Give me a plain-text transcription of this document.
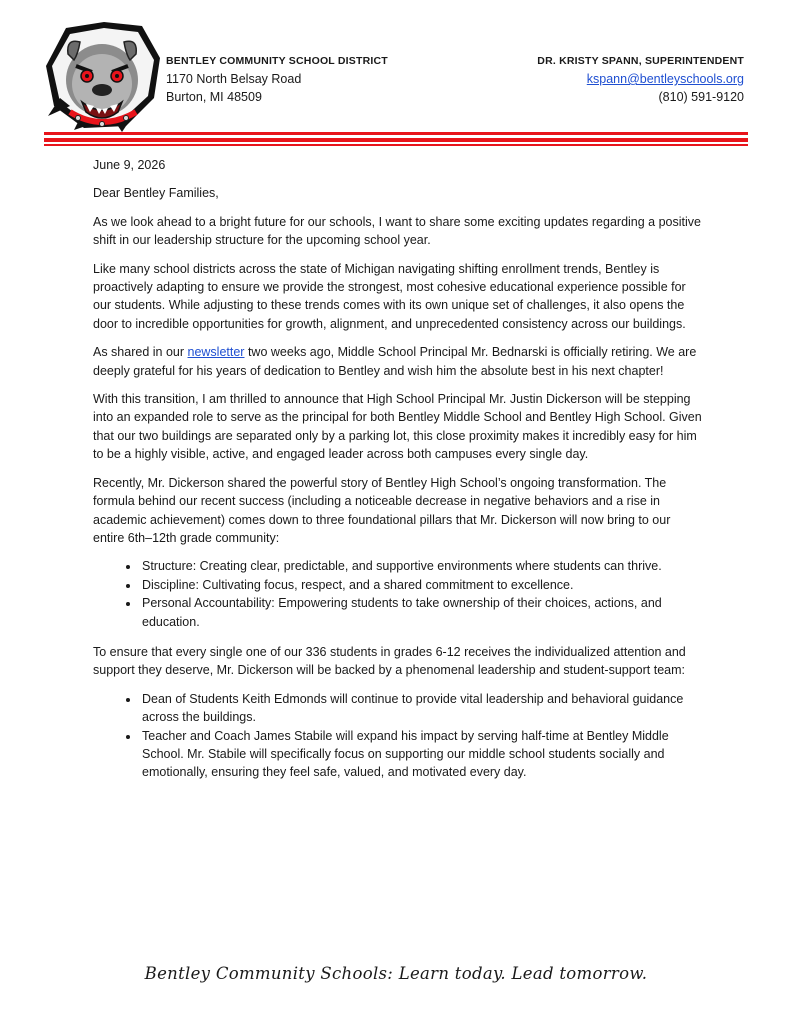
BENTLEY COMMUNITY SCHOOL DISTRICT
1170 North Belsay Road
Burton, MI 48509
DR. KRISTY SPANN, SUPERINTENDENT
kspann@bentleyschools.org
(810) 591-9120

June 9, 2026

Dear Bentley Families,

As we look ahead to a bright future for our schools, I want to share some exciting updates regarding a positive shift in our leadership structure for the upcoming school year.

Like many school districts across the state of Michigan navigating shifting enrollment trends, Bentley is proactively adapting to ensure we provide the strongest, most cohesive educational experience possible for our students. While adjusting to these trends comes with its own unique set of challenges, it also opens the door to incredible opportunities for growth, alignment, and unprecedented consistency across our buildings.

As shared in our newsletter two weeks ago, Middle School Principal Mr. Bednarski is officially retiring. We are deeply grateful for his years of dedication to Bentley and wish him the absolute best in his next chapter!

With this transition, I am thrilled to announce that High School Principal Mr. Justin Dickerson will be stepping into an expanded role to serve as the principal for both Bentley Middle School and Bentley High School. Given that our two buildings are separated only by a parking lot, this close proximity makes it incredibly easy for him to be a highly visible, active, and engaged leader across both campuses every single day.

Recently, Mr. Dickerson shared the powerful story of Bentley High School’s ongoing transformation. The formula behind our recent success (including a noticeable decrease in negative behaviors and a rise in academic achievement) comes down to three foundational pillars that Mr. Dickerson will now bring to our entire 6th–12th grade community:

• Structure: Creating clear, predictable, and supportive environments where students can thrive.
• Discipline: Cultivating focus, respect, and a shared commitment to excellence.
• Personal Accountability: Empowering students to take ownership of their choices, actions, and education.

To ensure that every single one of our 336 students in grades 6-12 receives the individualized attention and support they deserve, Mr. Dickerson will be backed by a phenomenal leadership and student-support team:

• Dean of Students Keith Edmonds will continue to provide vital leadership and behavioral guidance across the buildings.
• Teacher and Coach James Stabile will expand his impact by serving half-time at Bentley Middle School. Mr. Stabile will specifically focus on supporting our middle school students socially and emotionally, ensuring they feel safe, valued, and motivated every day.
Bentley Community Schools: Learn today. Lead tomorrow.
